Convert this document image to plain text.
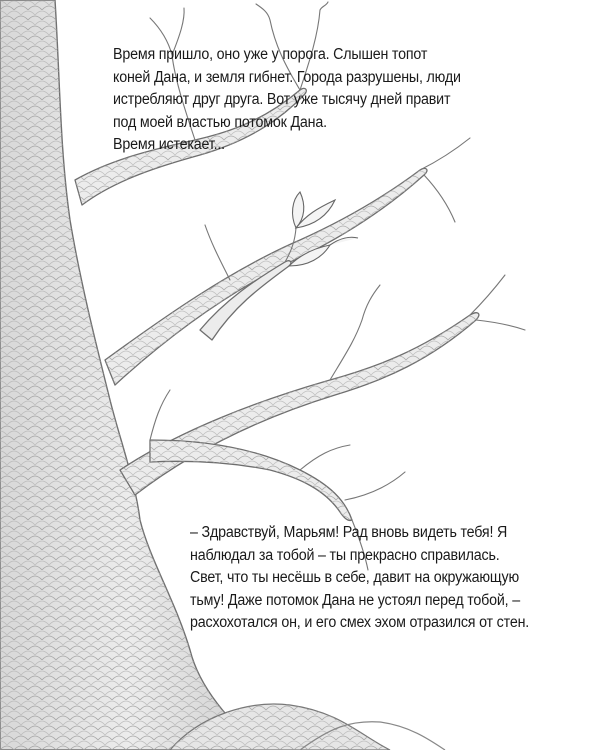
Время пришло, оно уже у порога. Слышен топот
коней Дана, и земля гибнет. Города разрушены, люди
истребляют друг друга. Вот уже тысячу дней правит
под моей властью потомок Дана.
Время истекает...
– Здравствуй, Марьям! Рад вновь видеть тебя! Я
наблюдал за тобой – ты прекрасно справилась.
Свет, что ты несёшь в себе, давит на окружающую
тьму! Даже потомок Дана не устоял перед тобой, –
расхохотался он, и его смех эхом отразился от стен.
